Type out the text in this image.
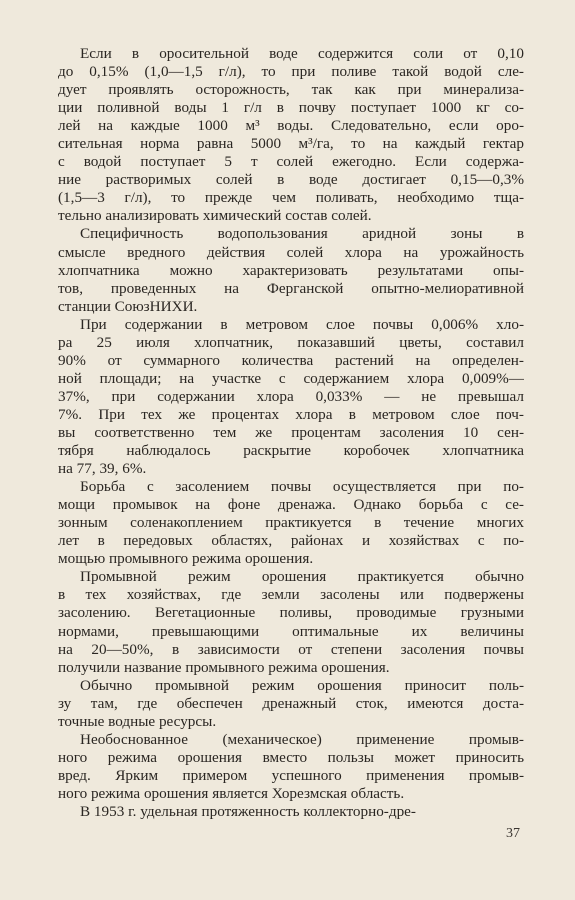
Если в оросительной воде содержится соли от 0,10
до 0,15% (1,0—1,5 г/л), то при поливе такой водой сле-
дует проявлять осторожность, так как при минерализа-
ции поливной воды 1 г/л в почву поступает 1000 кг со-
лей на каждые 1000 м³ воды. Следовательно, если оро-
сительная норма равна 5000 м³/га, то на каждый гектар
с водой поступает 5 т солей ежегодно. Если содержа-
ние растворимых солей в воде достигает 0,15—0,3%
(1,5—3 г/л), то прежде чем поливать, необходимо тща-
тельно анализировать химический состав солей.
Специфичность водопользования аридной зоны в
смысле вредного действия солей хлора на урожайность
хлопчатника можно характеризовать результатами опы-
тов, проведенных на Ферганской опытно-мелиоративной
станции СоюзНИХИ.
При содержании в метровом слое почвы 0,006% хло-
ра 25 июля хлопчатник, показавший цветы, составил
90% от суммарного количества растений на определен-
ной площади; на участке с содержанием хлора 0,009%—
37%, при содержании хлора 0,033% — не превышал
7%. При тех же процентах хлора в метровом слое поч-
вы соответственно тем же процентам засоления 10 сен-
тября наблюдалось раскрытие коробочек хлопчатника
на 77, 39, 6%.
Борьба с засолением почвы осуществляется при по-
мощи промывок на фоне дренажа. Однако борьба с се-
зонным соленакоплением практикуется в течение многих
лет в передовых областях, районах и хозяйствах с по-
мощью промывного режима орошения.
Промывной режим орошения практикуется обычно
в тех хозяйствах, где земли засолены или подвержены
засолению. Вегетационные поливы, проводимые грузными
нормами, превышающими оптимальные их величины
на 20—50%, в зависимости от степени засоления почвы
получили название промывного режима орошения.
Обычно промывной режим орошения приносит поль-
зу там, где обеспечен дренажный сток, имеются доста-
точные водные ресурсы.
Необоснованное (механическое) применение промыв-
ного режима орошения вместо пользы может приносить
вред. Ярким примером успешного применения промыв-
ного режима орошения является Хорезмская область.
В 1953 г. удельная протяженность коллекторно-дре-
37
